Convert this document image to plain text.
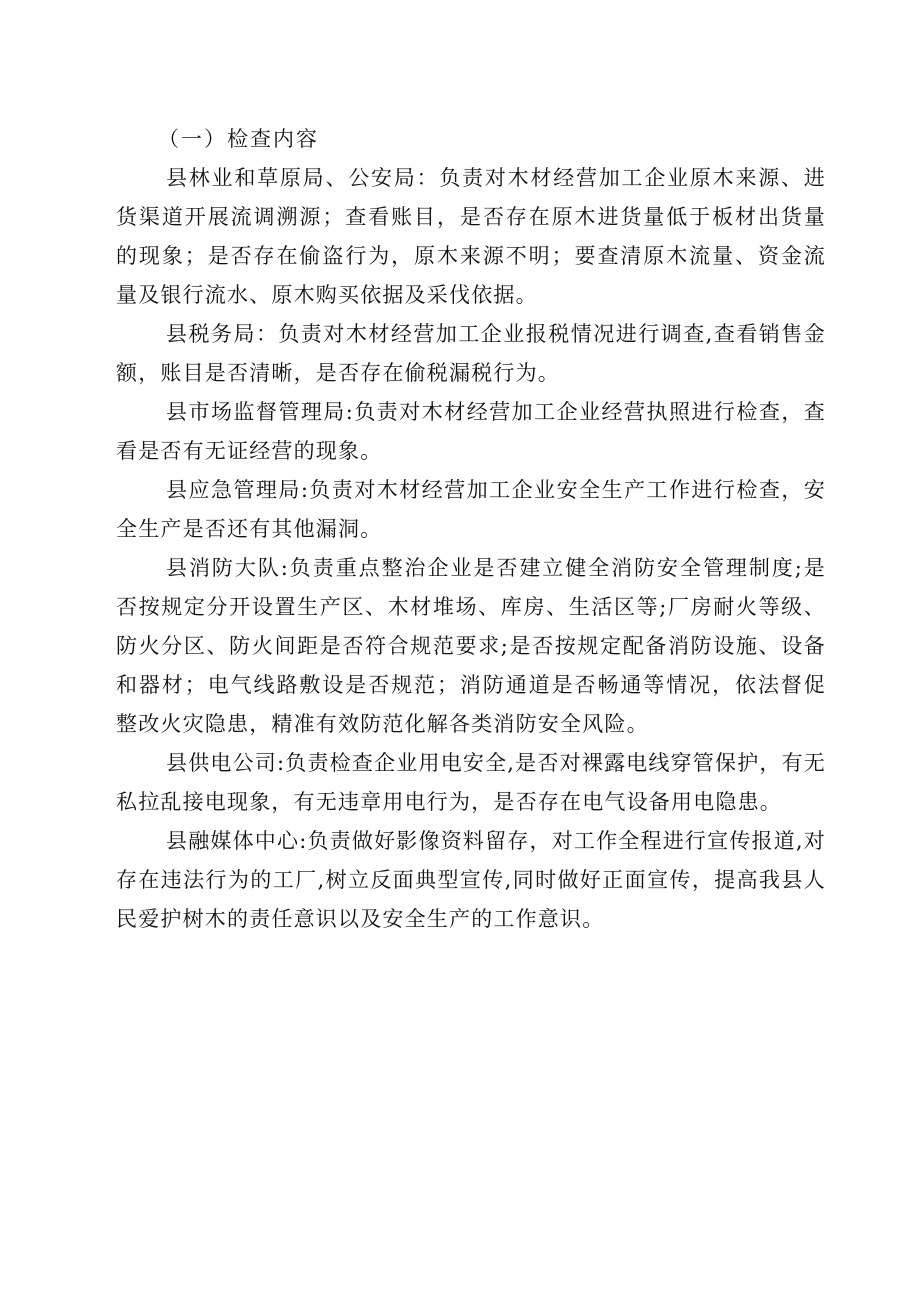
（一）检查内容

县林业和草原局、公安局：负责对木材经营加工企业原木来源、进货渠道开展流调溯源；查看账目，是否存在原木进货量低于板材出货量的现象；是否存在偷盗行为，原木来源不明；要查清原木流量、资金流量及银行流水、原木购买依据及采伐依据。

县税务局：负责对木材经营加工企业报税情况进行调查,查看销售金额，账目是否清晰，是否存在偷税漏税行为。

县市场监督管理局:负责对木材经营加工企业经营执照进行检查，查看是否有无证经营的现象。

县应急管理局:负责对木材经营加工企业安全生产工作进行检查，安全生产是否还有其他漏洞。

县消防大队:负责重点整治企业是否建立健全消防安全管理制度;是否按规定分开设置生产区、木材堆场、库房、生活区等;厂房耐火等级、防火分区、防火间距是否符合规范要求;是否按规定配备消防设施、设备和器材；电气线路敷设是否规范；消防通道是否畅通等情况，依法督促整改火灾隐患，精准有效防范化解各类消防安全风险。

县供电公司:负责检查企业用电安全,是否对裸露电线穿管保护，有无私拉乱接电现象，有无违章用电行为，是否存在电气设备用电隐患。

县融媒体中心:负责做好影像资料留存，对工作全程进行宣传报道,对存在违法行为的工厂,树立反面典型宣传,同时做好正面宣传，提高我县人民爱护树木的责任意识以及安全生产的工作意识。
